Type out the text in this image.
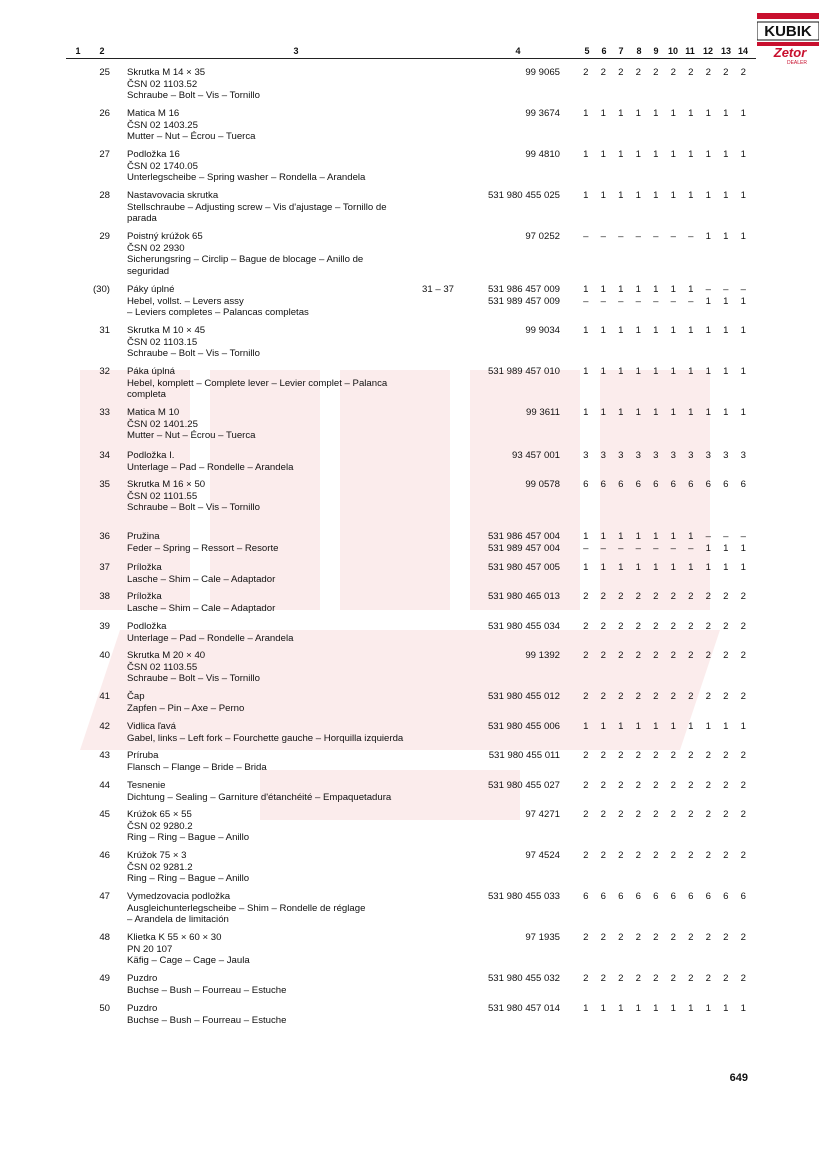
KUBIK
Zetor
DEALER
1	2	3	4	5	6	7	8	9	10 11 12 13 14
25 Skrutka M 14 × 35
ČSN 02 1103.52
Schraube – Bolt – Vis – Tornillo
99 9065	2 2 2 2 2 2 2 2 2 2
26 Matica M 16
ČSN 02 1403.25
Mutter – Nut – Écrou – Tuerca
99 3674	1 1 1 1 1 1 1 1 1 1
27 Podložka 16
ČSN 02 1740.05
Unterlegscheibe – Spring washer – Rondella – Arandela
99 4810	1 1 1 1 1 1 1 1 1 1
28 Nastavovacia skrutka
Stellschraube – Adjusting screw – Vis d'ajustage – Tornillo de
parada
531 980 455 025	1 1 1 1 1 1 1 1 1 1
29 Poistný krúžok 65
ČSN 02 2930
Sicherungsring – Circlip – Bague de blocage – Anillo de
seguridad
97 0252	– – – – – – – 1 1 1
(30) Páky úplné
Hebel, vollst. – Levers assy
– Leviers completes – Palancas completas
31 – 37	531 986 457 009
531 989 457 009
1 1 1 1 1 1 1 – – –
– – – – – – – 1 1 1
31 Skrutka M 10 × 45
ČSN 02 1103.15
Schraube – Bolt – Vis – Tornillo
99 9034	1 1 1 1 1 1 1 1 1 1
32 Páka úplná
Hebel, komplett – Complete lever – Levier complet – Palanca
completa
531 989 457 010	1 1 1 1 1 1 1 1 1 1
33 Matica M 10
ČSN 02 1401.25
Mutter – Nut – Écrou – Tuerca
99 3611	1 1 1 1 1 1 1 1 1 1
34 Podložka I.
Unterlage – Pad – Rondelle – Arandela
93 457 001	3 3 3 3 3 3 3 3 3 3
35 Skrutka M 16 × 50
ČSN 02 1101.55
Schraube – Bolt – Vis – Tornillo
99 0578	6 6 6 6 6 6 6 6 6 6
36 Pružina
Feder – Spring – Ressort – Resorte
531 986 457 004
531 989 457 004
1 1 1 1 1 1 1 – – –
– – – – – – – 1 1 1
37 Príložka
Lasche – Shim – Cale – Adaptador
531 980 457 005	1 1 1 1 1 1 1 1 1 1
38 Príložka
Lasche – Shim – Cale – Adaptador
531 980 465 013	2 2 2 2 2 2 2 2 2 2
39 Podložka
Unterlage – Pad – Rondelle – Arandela
531 980 455 034	2 2 2 2 2 2 2 2 2 2
40 Skrutka M 20 × 40
ČSN 02 1103.55
Schraube – Bolt – Vis – Tornillo
99 1392	2 2 2 2 2 2 2 2 2 2
41 Čap
Zapfen – Pin – Axe – Perno
531 980 455 012	2 2 2 2 2 2 2 2 2 2
42 Vidlica ľavá
Gabel, links – Left fork – Fourchette gauche – Horquilla izquierda
531 980 455 006	1 1 1 1 1 1 1 1 1 1
43 Príruba
Flansch – Flange – Bride – Brida
531 980 455 011	2 2 2 2 2 2 2 2 2 2
44 Tesnenie
Dichtung – Sealing – Garniture d'étanchéité – Empaquetadura
531 980 455 027	2 2 2 2 2 2 2 2 2 2
45 Krúžok 65 × 55
ČSN 02 9280.2
Ring – Ring – Bague – Anillo
97 4271	2 2 2 2 2 2 2 2 2 2
46 Krúžok 75 × 3
ČSN 02 9281.2
Ring – Ring – Bague – Anillo
97 4524	2 2 2 2 2 2 2 2 2 2
47 Vymedzovacia podložka
Ausgleichunterlegscheibe – Shim – Rondelle de réglage
– Arandela de limitación
531 980 455 033	6 6 6 6 6 6 6 6 6 6
48 Klietka K 55 × 60 × 30
PN 20 107
Käfig – Cage – Cage – Jaula
97 1935	2 2 2 2 2 2 2 2 2 2
49 Puzdro
Buchse – Bush – Fourreau – Estuche
531 980 455 032	2 2 2 2 2 2 2 2 2 2
50 Puzdro
Buchse – Bush – Fourreau – Estuche
531 980 457 014	1 1 1 1 1 1 1 1 1 1
649
